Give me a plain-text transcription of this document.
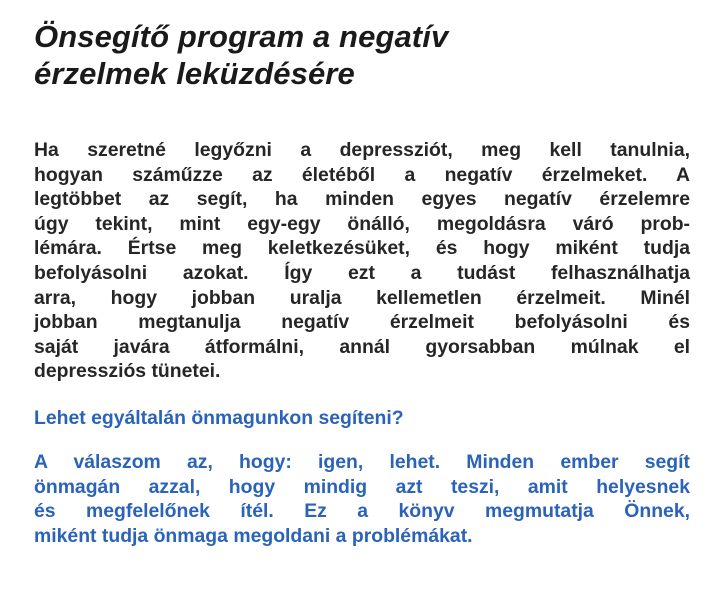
Önsegítő program a negatív
érzelmek leküzdésére
Ha szeretné legyőzni a depressziót, meg kell tanulnia,
hogyan száműzze az életéből a negatív érzelmeket. A
legtöbbet az segít, ha minden egyes negatív érzelemre
úgy tekint, mint egy-egy önálló, megoldásra váró prob-
lémára. Értse meg keletkezésüket, és hogy miként tudja
befolyásolni azokat. Így ezt a tudást felhasználhatja
arra, hogy jobban uralja kellemetlen érzelmeit. Minél
jobban megtanulja negatív érzelmeit befolyásolni és
saját javára átformálni, annál gyorsabban múlnak el
depressziós tünetei.
Lehet egyáltalán önmagunkon segíteni?
A válaszom az, hogy: igen, lehet. Minden ember segít
önmagán azzal, hogy mindig azt teszi, amit helyesnek
és megfelelőnek ítél. Ez a könyv megmutatja Önnek,
miként tudja önmaga megoldani a problémákat.
